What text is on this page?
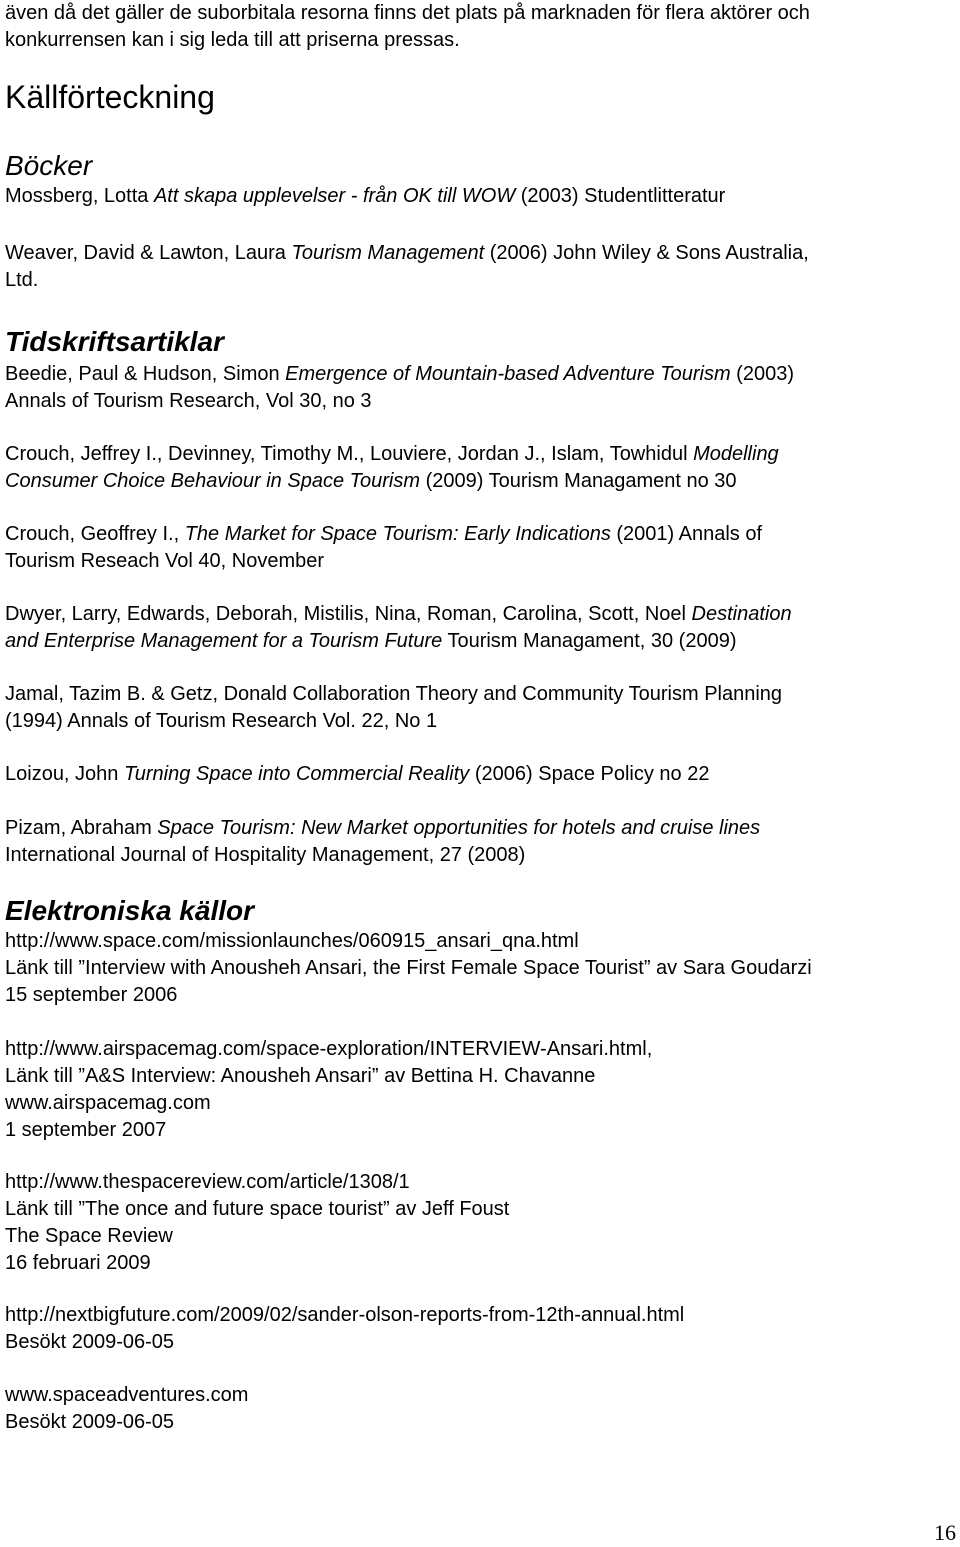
även då det gäller de suborbitala resorna finns det plats på marknaden för flera aktörer och

konkurrensen kan i sig leda till att priserna pressas.

Källförteckning
Böcker

Mossberg, Lotta Att skapa upplevelser - från OK till WOW (2003) Studentlitteratur

Weaver, David & Lawton, Laura Tourism Management (2006) John Wiley & Sons Australia,

Ltd.

Tidskriftsartiklar

Beedie, Paul & Hudson, Simon Emergence of Mountain-based Adventure Tourism (2003)

Annals of Tourism Research, Vol 30, no 3

Crouch, Jeffrey I., Devinney, Timothy M., Louviere, Jordan J., Islam, Towhidul Modelling

Consumer Choice Behaviour in Space Tourism (2009) Tourism Managament no 30

Crouch, Geoffrey I., The Market for Space Tourism: Early Indications (2001) Annals of

Tourism Reseach Vol 40, November

Dwyer, Larry, Edwards, Deborah, Mistilis, Nina, Roman, Carolina, Scott, Noel Destination

and Enterprise Management for a Tourism Future Tourism Managament, 30 (2009)

Jamal, Tazim B. & Getz, Donald Collaboration Theory and Community Tourism Planning

(1994) Annals of Tourism Research Vol. 22, No 1

Loizou, John Turning Space into Commercial Reality (2006) Space Policy no 22

Pizam, Abraham Space Tourism: New Market opportunities for hotels and cruise lines

International Journal of Hospitality Management, 27 (2008)

Elektroniska källor

http://www.space.com/missionlaunches/060915_ansari_qna.html

Länk till ”Interview with Anousheh Ansari, the First Female Space Tourist” av Sara Goudarzi

15 september 2006

http://www.airspacemag.com/space-exploration/INTERVIEW-Ansari.html,

Länk till ”A&S Interview: Anousheh Ansari” av Bettina H. Chavanne

www.airspacemag.com

1 september 2007

http://www.thespacereview.com/article/1308/1

Länk till ”The once and future space tourist” av Jeff Foust

The Space Review

16 februari 2009

http://nextbigfuture.com/2009/02/sander-olson-reports-from-12th-annual.html

Besökt 2009-06-05

www.spaceadventures.com

Besökt 2009-06-05

16
